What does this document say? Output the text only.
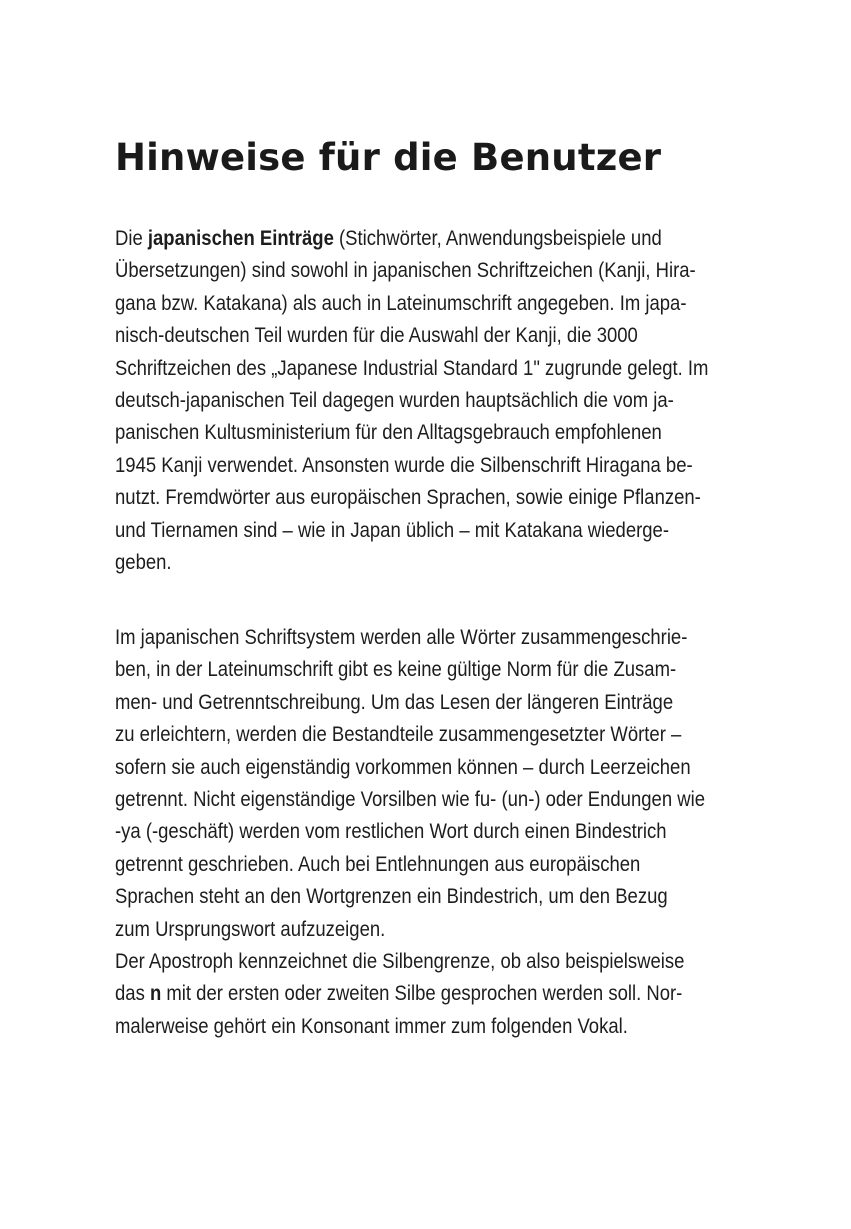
Hinweise für die Benutzer
Die japanischen Einträge (Stichwörter, Anwendungsbeispiele und
Übersetzungen) sind sowohl in japanischen Schriftzeichen (Kanji, Hira-
gana bzw. Katakana) als auch in Lateinumschrift angegeben. Im japa-
nisch-deutschen Teil wurden für die Auswahl der Kanji, die 3000
Schriftzeichen des „Japanese Industrial Standard 1" zugrunde gelegt. Im
deutsch-japanischen Teil dagegen wurden hauptsächlich die vom ja-
panischen Kultusministerium für den Alltagsgebrauch empfohlenen
1945 Kanji verwendet. Ansonsten wurde die Silbenschrift Hiragana be-
nutzt. Fremdwörter aus europäischen Sprachen, sowie einige Pflanzen-
und Tiernamen sind – wie in Japan üblich – mit Katakana wiederge-
geben.
Im japanischen Schriftsystem werden alle Wörter zusammengeschrie-
ben, in der Lateinumschrift gibt es keine gültige Norm für die Zusam-
men- und Getrenntschreibung. Um das Lesen der längeren Einträge
zu erleichtern, werden die Bestandteile zusammengesetzter Wörter –
sofern sie auch eigenständig vorkommen können – durch Leerzeichen
getrennt. Nicht eigenständige Vorsilben wie fu- (un-) oder Endungen wie
-ya (-geschäft) werden vom restlichen Wort durch einen Bindestrich
getrennt geschrieben. Auch bei Entlehnungen aus europäischen
Sprachen steht an den Wortgrenzen ein Bindestrich, um den Bezug
zum Ursprungswort aufzuzeigen.
Der Apostroph kennzeichnet die Silbengrenze, ob also beispielsweise
das n mit der ersten oder zweiten Silbe gesprochen werden soll. Nor-
malerweise gehört ein Konsonant immer zum folgenden Vokal.
